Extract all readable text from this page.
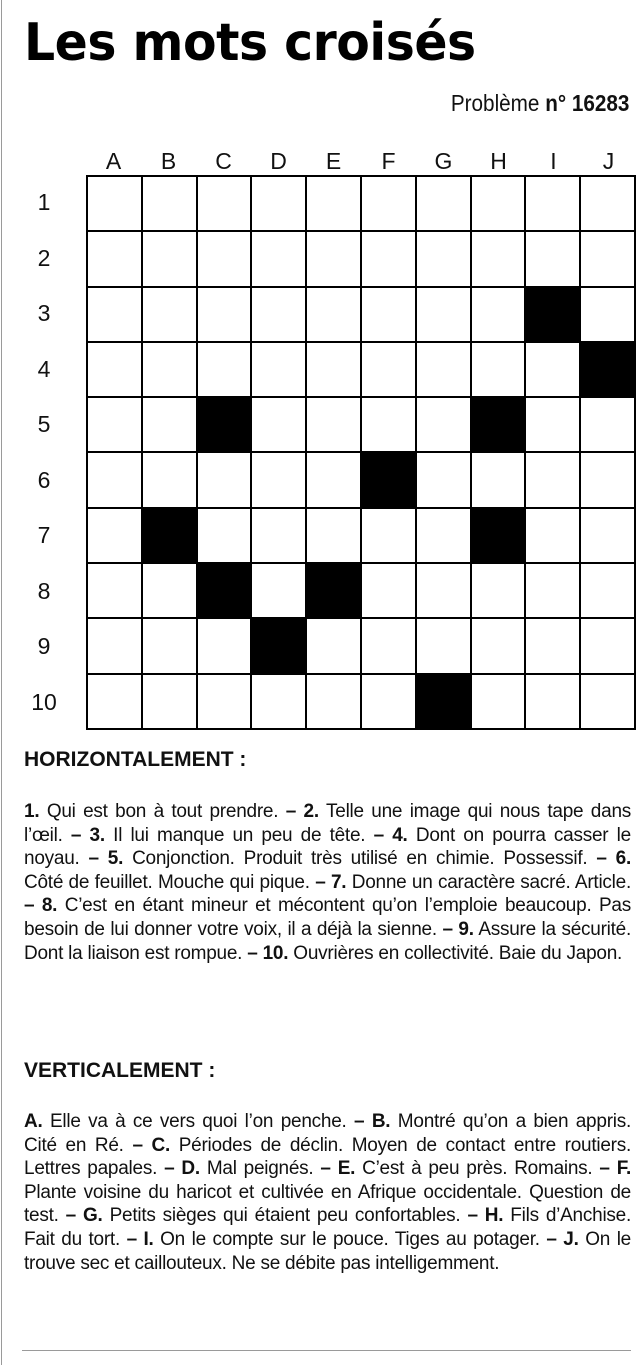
Les mots croisés
Problème n° 16283
A	B	C	D	E	F	G	H	I	J
1
2
3
4
5
6
7
8
9
10
HORIZONTALEMENT :
1. Qui est bon à tout prendre. – 2. Telle une image qui nous tape dans l’œil. – 3. Il lui manque un peu de tête. – 4. Dont on pourra casser le noyau. – 5. Conjonction. Produit très utilisé en chimie. Possessif. – 6. Côté de feuillet. Mouche qui pique. – 7. Donne un caractère sacré. Article. – 8. C’est en étant mineur et mécontent qu’on l’emploie beaucoup. Pas besoin de lui donner votre voix, il a déjà la sienne. – 9. Assure la sécurité. Dont la liaison est rompue. – 10. Ouvrières en collectivité. Baie du Japon.
VERTICALEMENT :
A. Elle va à ce vers quoi l’on penche. – B. Montré qu’on a bien appris. Cité en Ré. – C. Périodes de déclin. Moyen de contact entre routiers. Lettres papales. – D. Mal peignés. – E. C’est à peu près. Romains. – F. Plante voisine du haricot et cultivée en Afrique occidentale. Question de test. – G. Petits sièges qui étaient peu confortables. – H. Fils d’Anchise. Fait du tort. – I. On le compte sur le pouce. Tiges au potager. – J. On le trouve sec et caillouteux. Ne se débite pas intelligemment.
